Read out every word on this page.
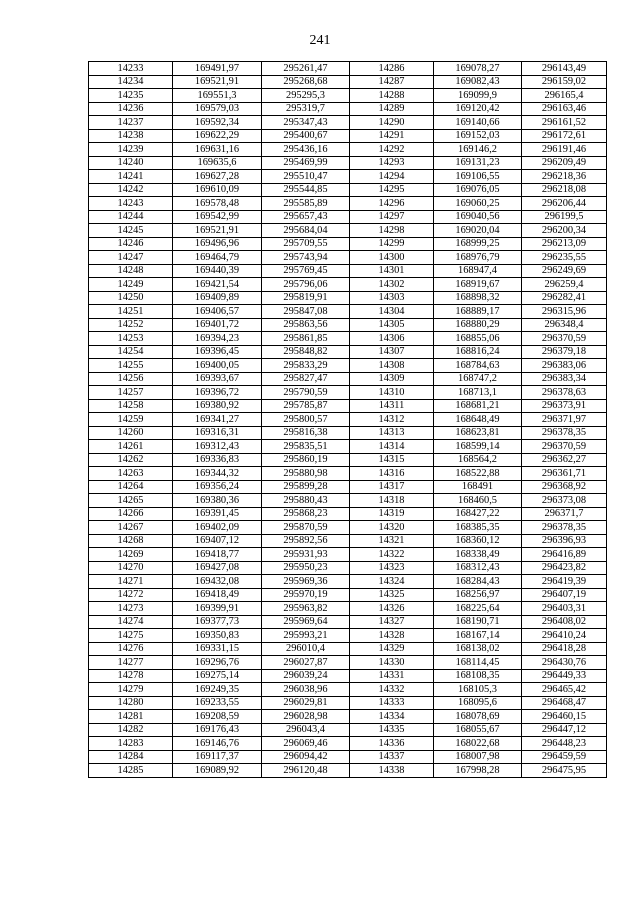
241
14233	169491,97	295261,47	14286	169078,27	296143,49
14234	169521,91	295268,68	14287	169082,43	296159,02
14235	169551,3	295295,3	14288	169099,9	296165,4
14236	169579,03	295319,7	14289	169120,42	296163,46
14237	169592,34	295347,43	14290	169140,66	296161,52
14238	169622,29	295400,67	14291	169152,03	296172,61
14239	169631,16	295436,16	14292	169146,2	296191,46
14240	169635,6	295469,99	14293	169131,23	296209,49
14241	169627,28	295510,47	14294	169106,55	296218,36
14242	169610,09	295544,85	14295	169076,05	296218,08
14243	169578,48	295585,89	14296	169060,25	296206,44
14244	169542,99	295657,43	14297	169040,56	296199,5
14245	169521,91	295684,04	14298	169020,04	296200,34
14246	169496,96	295709,55	14299	168999,25	296213,09
14247	169464,79	295743,94	14300	168976,79	296235,55
14248	169440,39	295769,45	14301	168947,4	296249,69
14249	169421,54	295796,06	14302	168919,67	296259,4
14250	169409,89	295819,91	14303	168898,32	296282,41
14251	169406,57	295847,08	14304	168889,17	296315,96
14252	169401,72	295863,56	14305	168880,29	296348,4
14253	169394,23	295861,85	14306	168855,06	296370,59
14254	169396,45	295848,82	14307	168816,24	296379,18
14255	169400,05	295833,29	14308	168784,63	296383,06
14256	169393,67	295827,47	14309	168747,2	296383,34
14257	169396,72	295790,59	14310	168713,1	296378,63
14258	169380,92	295785,87	14311	168681,21	296373,91
14259	169341,27	295800,57	14312	168648,49	296371,97
14260	169316,31	295816,38	14313	168623,81	296378,35
14261	169312,43	295835,51	14314	168599,14	296370,59
14262	169336,83	295860,19	14315	168564,2	296362,27
14263	169344,32	295880,98	14316	168522,88	296361,71
14264	169356,24	295899,28	14317	168491	296368,92
14265	169380,36	295880,43	14318	168460,5	296373,08
14266	169391,45	295868,23	14319	168427,22	296371,7
14267	169402,09	295870,59	14320	168385,35	296378,35
14268	169407,12	295892,56	14321	168360,12	296396,93
14269	169418,77	295931,93	14322	168338,49	296416,89
14270	169427,08	295950,23	14323	168312,43	296423,82
14271	169432,08	295969,36	14324	168284,43	296419,39
14272	169418,49	295970,19	14325	168256,97	296407,19
14273	169399,91	295963,82	14326	168225,64	296403,31
14274	169377,73	295969,64	14327	168190,71	296408,02
14275	169350,83	295993,21	14328	168167,14	296410,24
14276	169331,15	296010,4	14329	168138,02	296418,28
14277	169296,76	296027,87	14330	168114,45	296430,76
14278	169275,14	296039,24	14331	168108,35	296449,33
14279	169249,35	296038,96	14332	168105,3	296465,42
14280	169233,55	296029,81	14333	168095,6	296468,47
14281	169208,59	296028,98	14334	168078,69	296460,15
14282	169176,43	296043,4	14335	168055,67	296447,12
14283	169146,76	296069,46	14336	168022,68	296448,23
14284	169117,37	296094,42	14337	168007,98	296459,59
14285	169089,92	296120,48	14338	167998,28	296475,95
